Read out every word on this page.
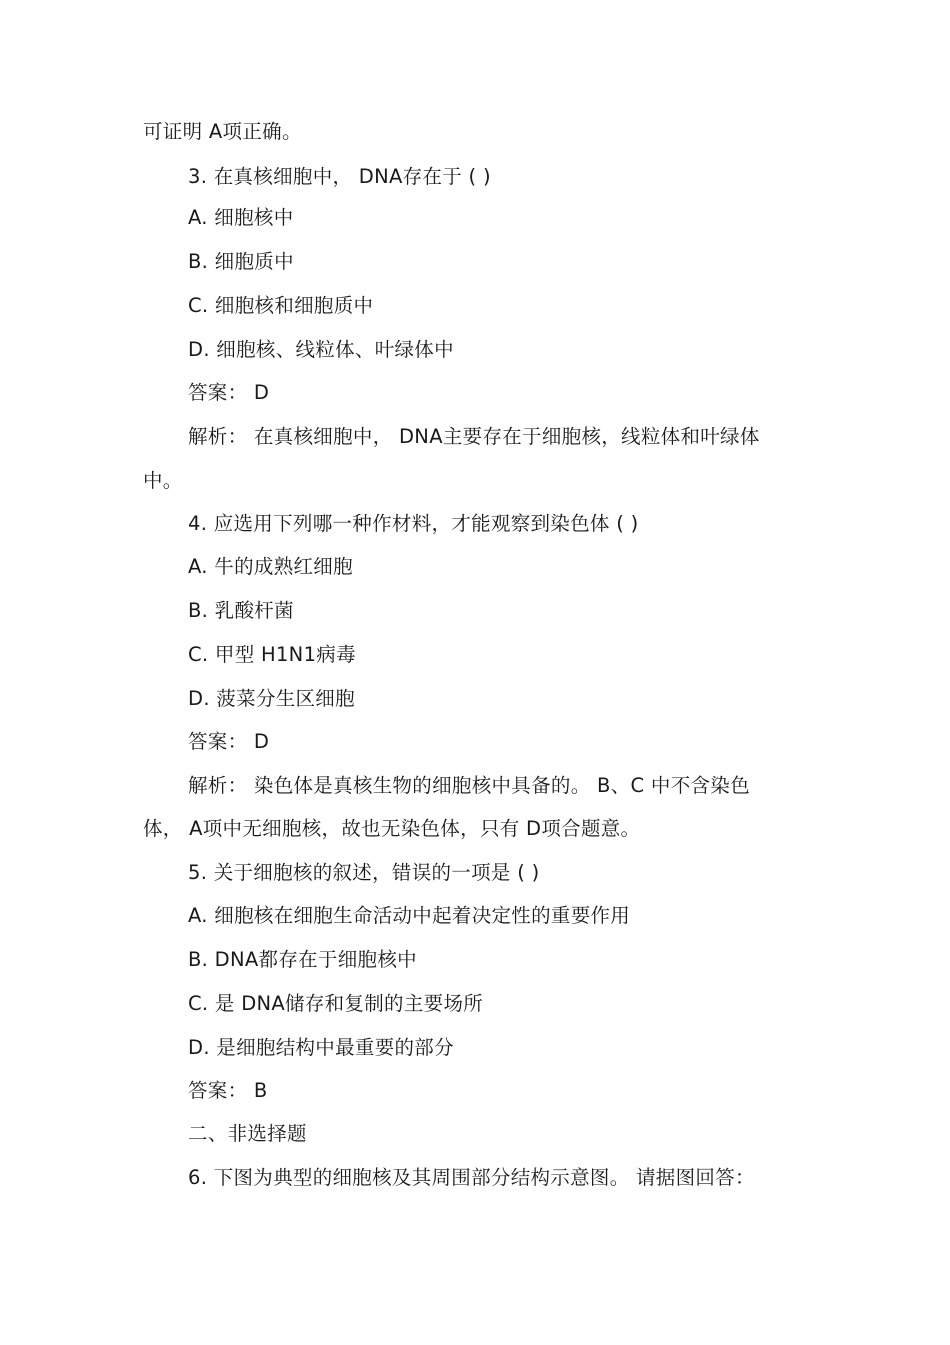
可证明 A项正确。
3. 在真核细胞中， DNA存在于 ( )
A. 细胞核中
B. 细胞质中
C. 细胞核和细胞质中
D. 细胞核、线粒体、叶绿体中
答案： D
解析： 在真核细胞中， DNA主要存在于细胞核，线粒体和叶绿体
中。
4. 应选用下列哪一种作材料，才能观察到染色体 ( )
A. 牛的成熟红细胞
B. 乳酸杆菌
C. 甲型 H1N1病毒
D. 菠菜分生区细胞
答案： D
解析： 染色体是真核生物的细胞核中具备的。 B、C 中不含染色
体， A项中无细胞核，故也无染色体，只有 D项合题意。
5. 关于细胞核的叙述，错误的一项是 ( )
A. 细胞核在细胞生命活动中起着决定性的重要作用
B. DNA都存在于细胞核中
C. 是 DNA储存和复制的主要场所
D. 是细胞结构中最重要的部分
答案： B
二、非选择题
6. 下图为典型的细胞核及其周围部分结构示意图。 请据图回答：
